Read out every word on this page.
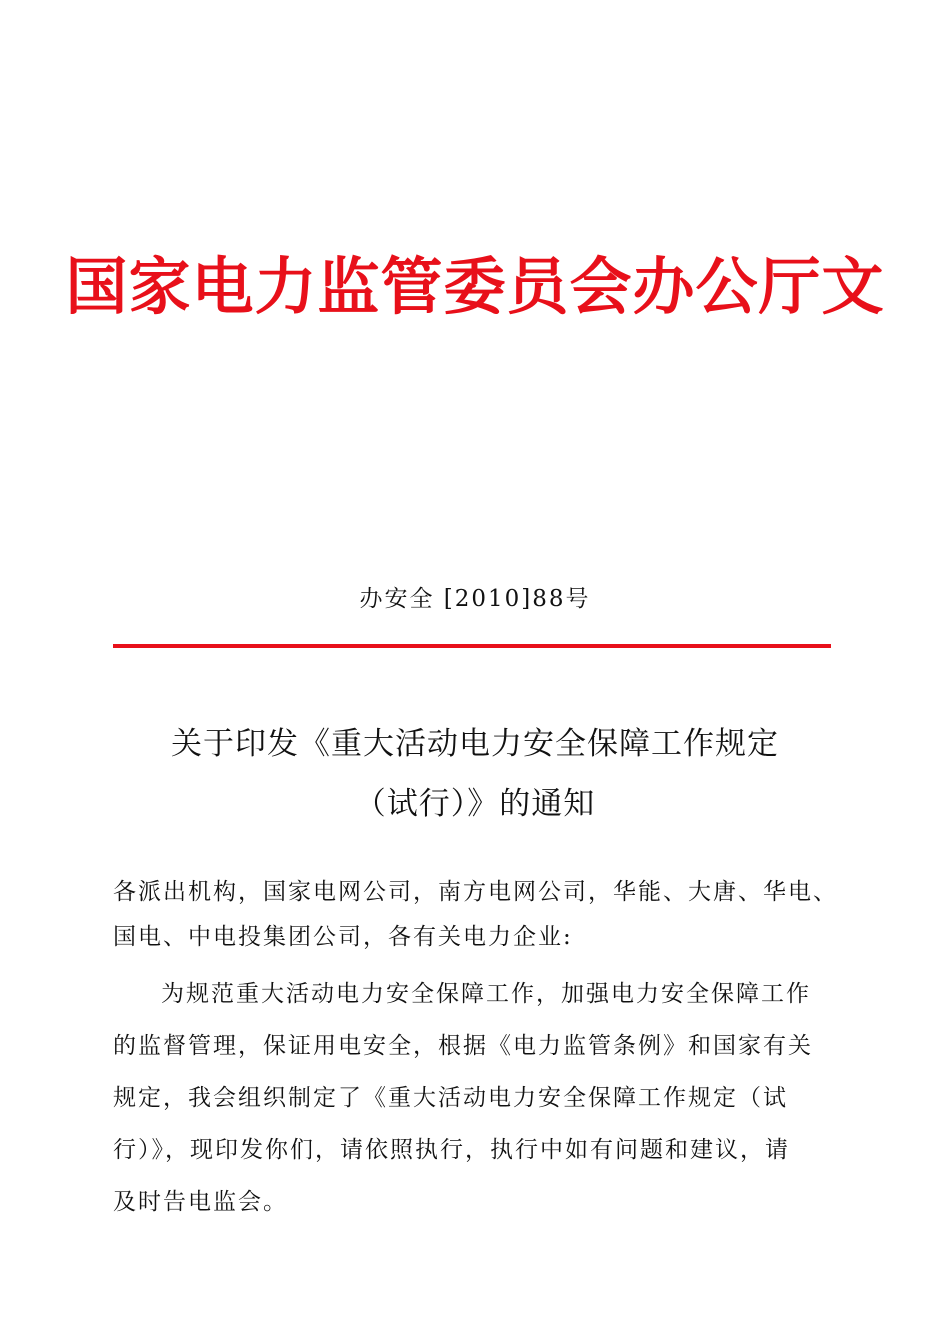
国家电力监管委员会办公厅文
办安全 [2010]88号
关于印发《重大活动电力安全保障工作规定
（试行）》的通知
各派出机构，国家电网公司，南方电网公司，华能、大唐、华电、
国电、中电投集团公司，各有关电力企业:
为规范重大活动电力安全保障工作，加强电力安全保障工作
的监督管理，保证用电安全，根据《电力监管条例》和国家有关
规定，我会组织制定了《重大活动电力安全保障工作规定（试
行）》，现印发你们，请依照执行，执行中如有问题和建议，请
及时告电监会。
